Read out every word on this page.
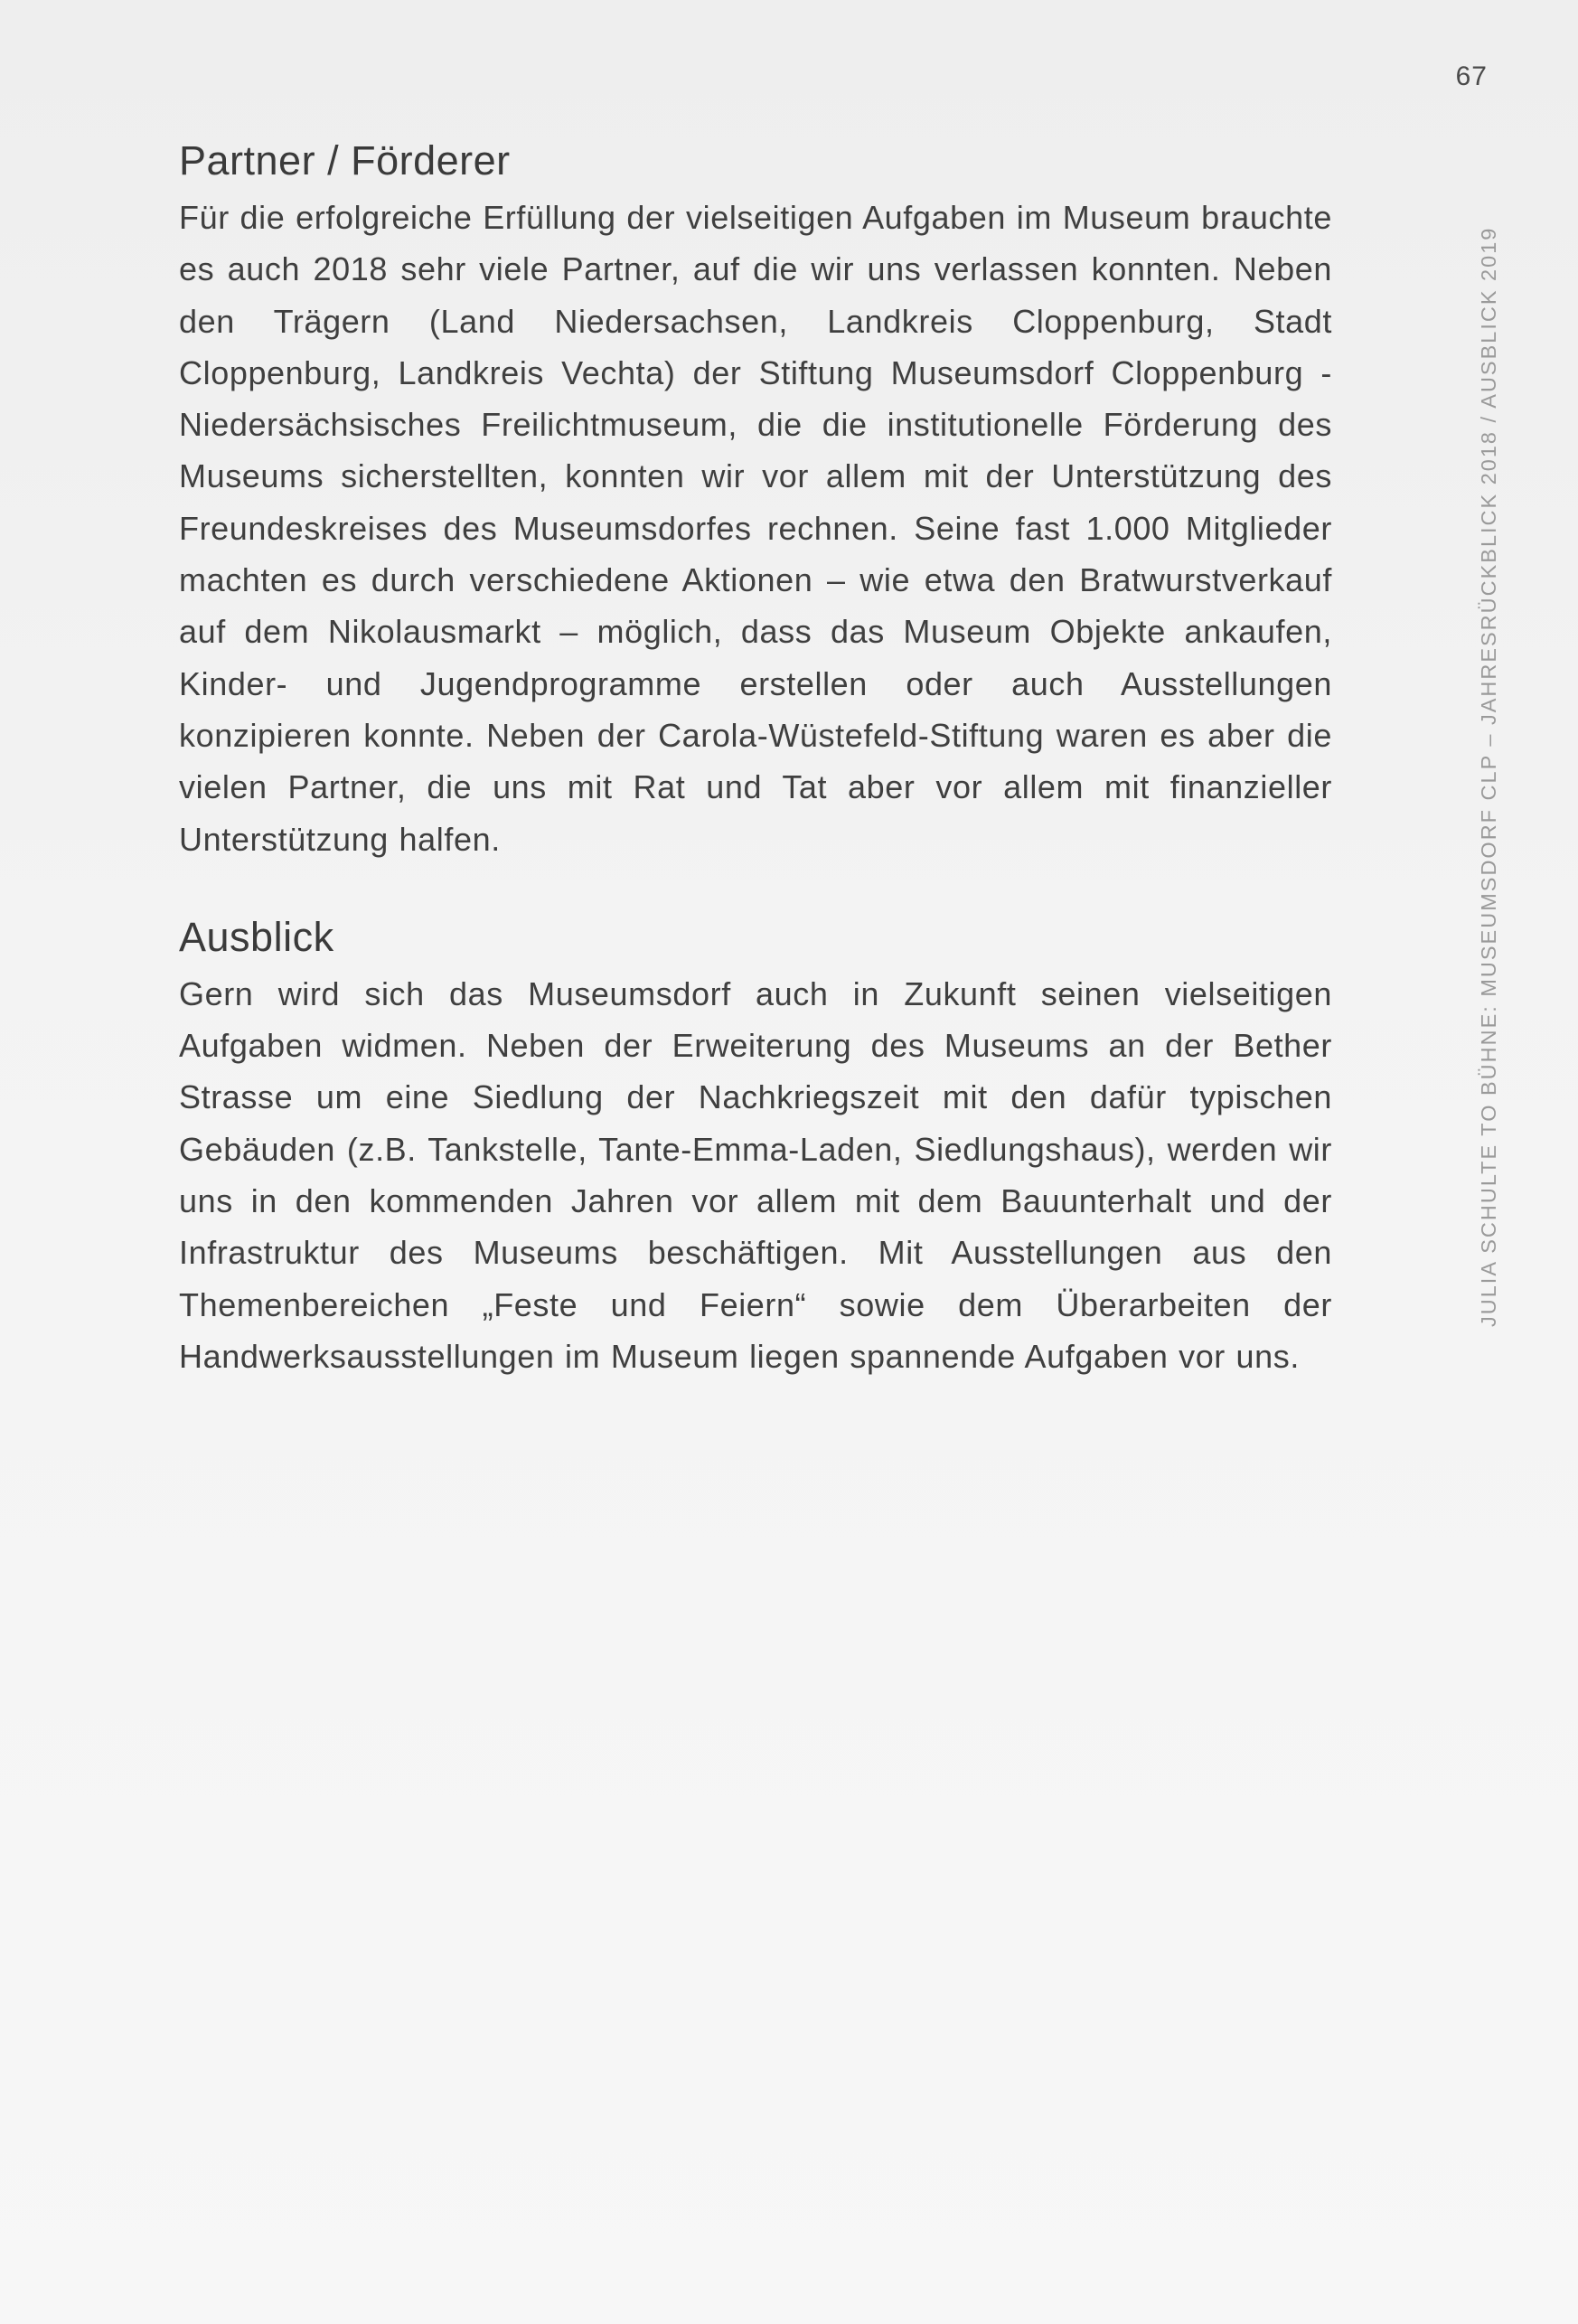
67
JULIA SCHULTE TO BÜHNE: MUSEUMSDORF CLP – JAHRESRÜCKBLICK 2018 / AUSBLICK 2019
Partner / Förderer

Für die erfolgreiche Erfüllung der vielseitigen Aufgaben im Museum brauchte es auch 2018 sehr viele Partner, auf die wir uns verlassen konnten. Neben den Trägern (Land Niedersachsen, Landkreis Cloppenburg, Stadt Cloppenburg, Landkreis Vechta) der Stiftung Museumsdorf Cloppenburg - Niedersächsisches Freilichtmuseum, die die institutionelle Förderung des Museums sicherstellten, konnten wir vor allem mit der Unterstützung des Freundeskreises des Museumsdorfes rechnen. Seine fast 1.000 Mitglieder machten es durch verschiedene Aktionen – wie etwa den Bratwurstverkauf auf dem Nikolausmarkt – möglich, dass das Museum Objekte ankaufen, Kinder- und Jugendprogramme erstellen oder auch Ausstellungen konzipieren konnte. Neben der Carola-Wüstefeld-Stiftung waren es aber die vielen Partner, die uns mit Rat und Tat aber vor allem mit finanzieller Unterstützung halfen.

Ausblick

Gern wird sich das Museumsdorf auch in Zukunft seinen vielseitigen Aufgaben widmen. Neben der Erweiterung des Museums an der Bether Strasse um eine Siedlung der Nachkriegszeit mit den dafür typischen Gebäuden (z.B. Tankstelle, Tante-Emma-Laden, Siedlungshaus), werden wir uns in den kommenden Jahren vor allem mit dem Bauunterhalt und der Infrastruktur des Museums beschäftigen. Mit Ausstellungen aus den Themenbereichen „Feste und Feiern“ sowie dem Überarbeiten der Handwerksausstellungen im Museum liegen spannende Aufgaben vor uns.
